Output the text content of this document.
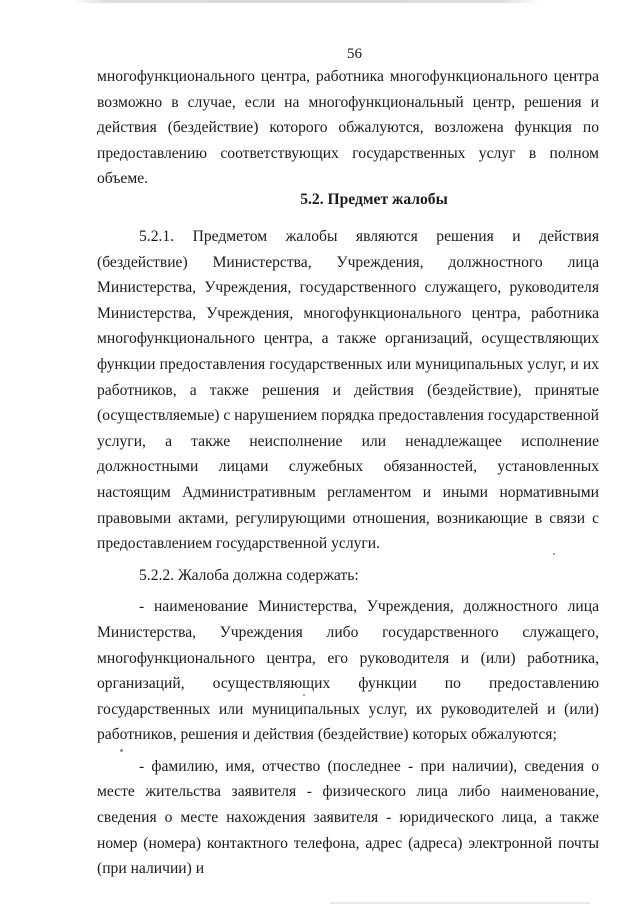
56

многофункционального центра, работника многофункционального центра возможно в случае, если на многофункциональный центр, решения и действия (бездействие) которого обжалуются, возложена функция по предоставлению соответствующих государственных услуг в полном объеме.

5.2. Предмет жалобы

5.2.1. Предметом жалобы являются решения и действия (бездействие) Министерства, Учреждения, должностного лица Министерства, Учреждения, государственного служащего, руководителя Министерства, Учреждения, многофункционального центра, работника многофункционального центра, а также организаций, осуществляющих функции предоставления государственных или муниципальных услуг, и их работников, а также решения и действия (бездействие), принятые (осуществляемые) с нарушением порядка предоставления государственной услуги, а также неисполнение или ненадлежащее исполнение должностными лицами служебных обязанностей, установленных настоящим Административным регламентом и иными нормативными правовыми актами, регулирующими отношения, возникающие в связи с предоставлением государственной услуги.

5.2.2. Жалоба должна содержать:

- наименование Министерства, Учреждения, должностного лица Министерства, Учреждения либо государственного служащего, многофункционального центра, его руководителя и (или) работника, организаций, осуществляющих функции по предоставлению государственных или муниципальных услуг, их руководителей и (или) работников, решения и действия (бездействие) которых обжалуются;

- фамилию, имя, отчество (последнее - при наличии), сведения о месте жительства заявителя - физического лица либо наименование, сведения о месте нахождения заявителя - юридического лица, а также номер (номера) контактного телефона, адрес (адреса) электронной почты (при наличии) и
